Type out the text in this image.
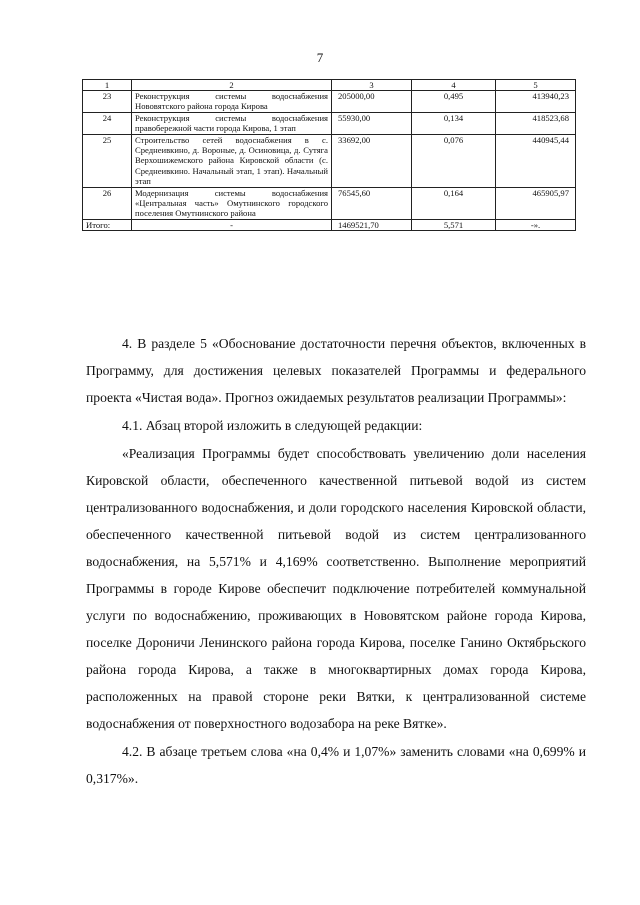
7
1	2	3	4	5
23	Реконструкция системы водоснабжения Нововятского района города Кирова	205000,00	0,495	413940,23
24	Реконструкция системы водоснабжения правобережной части города Кирова, 1 этап	55930,00	0,134	418523,68
25	Строительство сетей водоснабжения в с. Среднеивкино, д. Вороные, д. Осиновица, д. Сутяга Верхошижемского района Кировской области (с. Среднеивкино. Начальный этап, 1 этап). Начальный этап	33692,00	0,076	440945,44
26	Модернизация системы водоснабжения «Центральная часть» Омутнинского городского поселения Омутнинского района	76545,60	0,164	465905,97
Итого:	-	1469521,70	5,571	-».

4. В разделе 5 «Обоснование достаточности перечня объектов, включенных в Программу, для достижения целевых показателей Программы и федерального проекта «Чистая вода». Прогноз ожидаемых результатов реализации Программы»:

4.1. Абзац второй изложить в следующей редакции:

«Реализация Программы будет способствовать увеличению доли населения Кировской области, обеспеченного качественной питьевой водой из систем централизованного водоснабжения, и доли городского населения Кировской области, обеспеченного качественной питьевой водой из систем централизованного водоснабжения, на 5,571% и 4,169% соответственно. Выполнение мероприятий Программы в городе Кирове обеспечит подключение потребителей коммунальной услуги по водоснабжению, проживающих в Нововятском районе города Кирова, поселке Дороничи Ленинского района города Кирова, поселке Ганино Октябрьского района города Кирова, а также в многоквартирных домах города Кирова, расположенных на правой стороне реки Вятки, к централизованной системе водоснабжения от поверхностного водозабора на реке Вятке».

4.2. В абзаце третьем слова «на 0,4% и 1,07%» заменить словами «на 0,699% и 0,317%».
